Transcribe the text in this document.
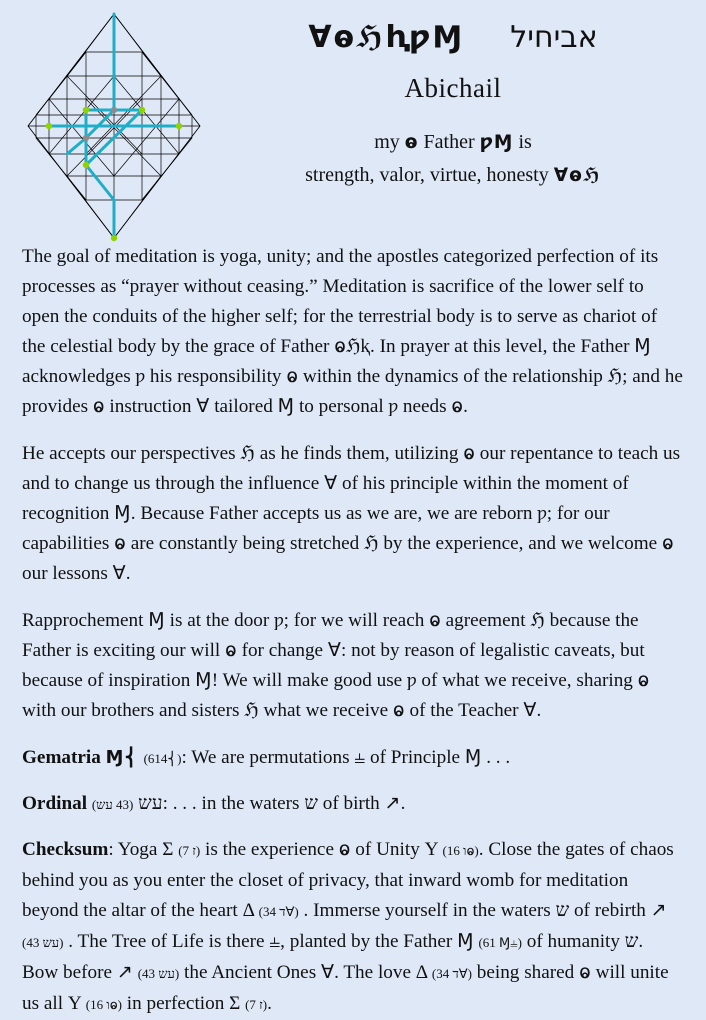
ⱯⱺℌⱨƿⱮ אביחיל
Abichail
my ⱺ Father ƿⱮ is
strength, valor, virtue, honesty Ɐⱺℌ

The goal of meditation is yoga, unity; and the apostles categorized perfection of its processes as “prayer without ceasing.” Meditation is sacrifice of the lower self to open the conduits of the higher self; for the terrestrial body is to serve as chariot of the celestial body by the grace of Father ⱺℌⱪ. In prayer at this level, the Father Ɱ acknowledges ƿ his responsibility ⱺ within the dynamics of the relationship ℌ; and he provides ⱺ instruction Ɐ tailored Ɱ to personal ƿ needs ⱺ.

He accepts our perspectives ℌ as he finds them, utilizing ⱺ our repentance to teach us and to change us through the influence Ɐ of his principle within the moment of recognition Ɱ. Because Father accepts us as we are, we are reborn ƿ; for our capabilities ⱺ are constantly being stretched ℌ by the experience, and we welcome ⱺ our lessons Ɐ.

Rapprochement Ɱ is at the door ƿ; for we will reach ⱺ agreement ℌ because the Father is exciting our will ⱺ for change Ɐ: not by reason of legalistic caveats, but because of inspiration Ɱ! We will make good use ƿ of what we receive, sharing ⱺ with our brothers and sisters ℌ what we receive ⱺ of the Teacher Ɐ.

Gematria Ɱ⎨ (614⎨): We are permutations ⫨ of Principle Ɱ . . .

Ordinal	עש (43 עש) : . . . in the waters ש of birth ↗.

Checksum: Yoga Σ (7 ז) is the experience ⱺ of Unity Υ (16 וⱺ). Close the gates of chaos behind you as you enter the closet of privacy, that inward womb for meditation beyond the altar of the heart Δ (34 דⱯ) . Immerse yourself in the waters ש of rebirth ↗ (43 עש) . The Tree of Life is there ⫨, planted by the Father Ɱ (61 Ɱ⫨) of humanity ש. Bow before ↗ (43 עש) the Ancient Ones Ɐ. The love Δ (34 דⱯ) being shared ⱺ will unite us all Υ (16 וⱺ) in perfection Σ (7 ז).
